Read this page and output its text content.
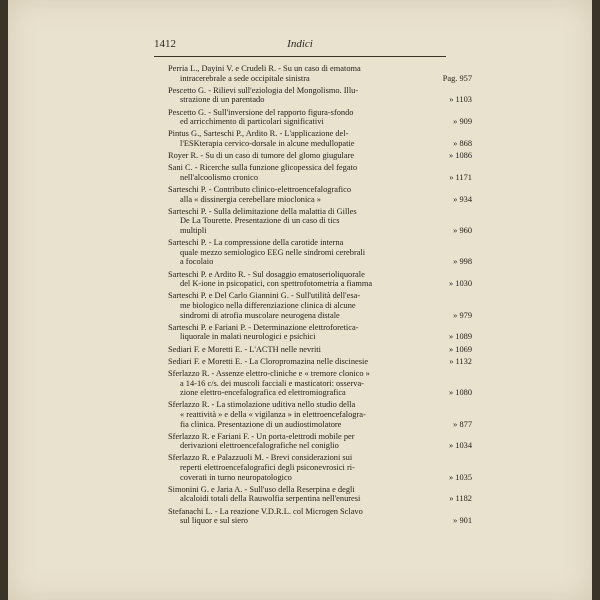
1412	Indici
Perria L., Dayini V. e Crudeli R. - Su un caso di ematoma
intracerebrale a sede occipitale sinistra	Pag. 957
Pescetto G. - Rilievi sull'eziologia del Mongolismo. Illu-
strazione di un parentado	» 1103
Pescetto G. - Sull'inversione del rapporto figura-sfondo
ed arricchimento di particolari significativi	» 909
Pintus G., Sarteschi P., Ardito R. - L'applicazione del-
l'ESKterapia cervico-dorsale in alcune medullopatie	» 868
Royer R. - Su di un caso di tumore del glomo giugulare	» 1086
Sani C. - Ricerche sulla funzione glicopessica del fegato
nell'alcoolismo cronico	» 1171
Sarteschi P. - Contributo clinico-elettroencefalografico
alla « dissinergia cerebellare mioclonica »	» 934
Sarteschi P. - Sulla delimitazione della malattia di Gilles
De La Tourette. Presentazione di un caso di tics
multipli	» 960
Sarteschi P. - La compressione della carotide interna
quale mezzo semiologico EEG nelle sindromi cerebrali
a focolaio	» 998
Sarteschi P. e Ardito R. - Sul dosaggio ematoserioliquorale
del K-ione in psicopatici, con spettrofotometria a fiamma	» 1030
Sarteschi P. e Del Carlo Giannini G. - Sull'utilità dell'esa-
me biologico nella differenziazione clinica di alcune
sindromi di atrofia muscolare neurogena distale	» 979
Sarteschi P. e Fariani P. - Determinazione elettroforetica-
liquorale in malati neurologici e psichici	» 1089
Sediari F. e Moretti E. - L'ACTH nelle nevriti	» 1069
Sediari F. e Moretti E. - La Cloropromazina nelle discinesie	» 1132
Sferlazzo R. - Assenze elettro-cliniche e « tremore clonico »
a 14-16 c/s. dei muscoli facciali e masticatori: osserva-
zione elettro-encefalografica ed elettromiografica	» 1080
Sferlazzo R. - La stimolazione uditiva nello studio della
« reattività » e della « vigilanza » in elettroencefalogra-
fia clinica. Presentazione di un audiostimolatore	» 877
Sferlazzo R. e Fariani F. - Un porta-elettrodi mobile per
derivazioni elettroencefalografiche nel coniglio	» 1034
Sferlazzo R. e Palazzuoli M. - Brevi considerazioni sui
reperti elettroencefalografici degli psiconevrosici ri-
coverati in turno neuropatologico	» 1035
Simonini G. e Jaria A. - Sull'uso della Reserpina e degli
alcaloidi totali della Rauwolfia serpentina nell'enuresi	» 1182
Stefanachi L. - La reazione V.D.R.L. col Microgen Sclavo
sul liquor e sul siero	» 901
